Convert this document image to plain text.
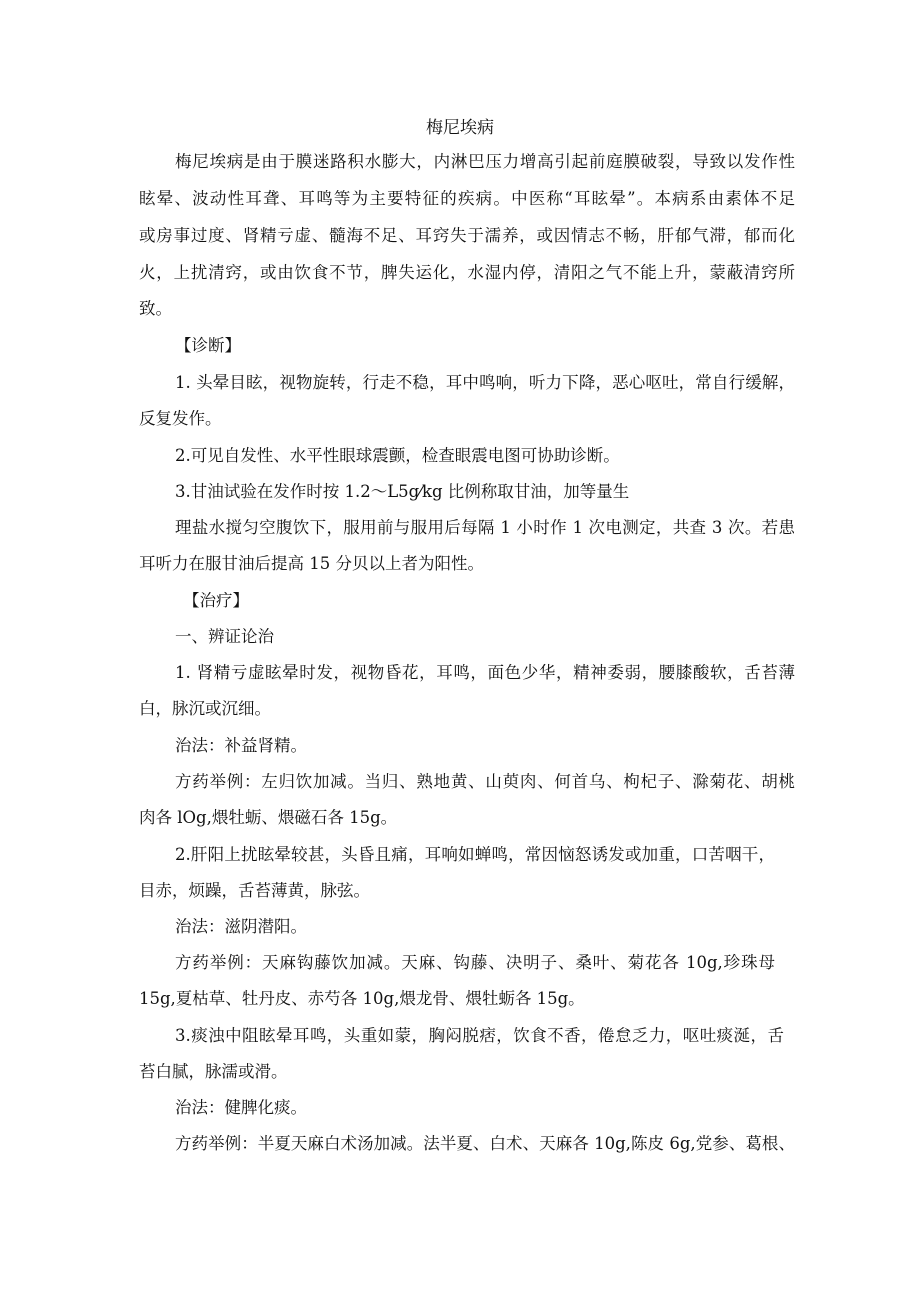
梅尼埃病
梅尼埃病是由于膜迷路积水膨大，内淋巴压力增高引起前庭膜破裂，导致以发作性
眩晕、波动性耳聋、耳鸣等为主要特征的疾病。中医称“耳眩晕”。本病系由素体不足
或房事过度、肾精亏虚、髓海不足、耳窍失于濡养，或因情志不畅，肝郁气滞，郁而化
火，上扰清窍，或由饮食不节，脾失运化，水湿内停，清阳之气不能上升，蒙蔽清窍所
致。
【诊断】
1. 头晕目眩，视物旋转，行走不稳，耳中鸣响，听力下降，恶心呕吐，常自行缓解，
反复发作。
2.可见自发性、水平性眼球震颤，检查眼震电图可协助诊断。
3.甘油试验在发作时按 1.2～L5g⁄kg 比例称取甘油，加等量生
理盐水搅匀空腹饮下，服用前与服用后每隔 1 小时作 1 次电测定，共查 3 次。若患
耳听力在服甘油后提高 15 分贝以上者为阳性。
【治疗】
一、辨证论治
1. 肾精亏虚眩晕时发，视物昏花，耳鸣，面色少华，精神委弱，腰膝酸软，舌苔薄
白，脉沉或沉细。
治法：补益肾精。
方药举例：左归饮加减。当归、熟地黄、山萸肉、何首乌、枸杞子、滁菊花、胡桃
肉各 lOg,煨牡蛎、煨磁石各 15g。
2.肝阳上扰眩晕较甚，头昏且痛，耳响如蝉鸣，常因恼怒诱发或加重，口苦咽干，
目赤，烦躁，舌苔薄黄，脉弦。
治法：滋阴潜阳。
方药举例：天麻钩藤饮加减。天麻、钩藤、决明子、桑叶、菊花各 10g,珍珠母
15g,夏枯草、牡丹皮、赤芍各 10g,煨龙骨、煨牡蛎各 15g。
3.痰浊中阻眩晕耳鸣，头重如蒙，胸闷脱痞，饮食不香，倦怠乏力，呕吐痰涎，舌
苔白腻，脉濡或滑。
治法：健脾化痰。
方药举例：半夏天麻白术汤加减。法半夏、白术、天麻各 10g,陈皮 6g,党参、葛根、
